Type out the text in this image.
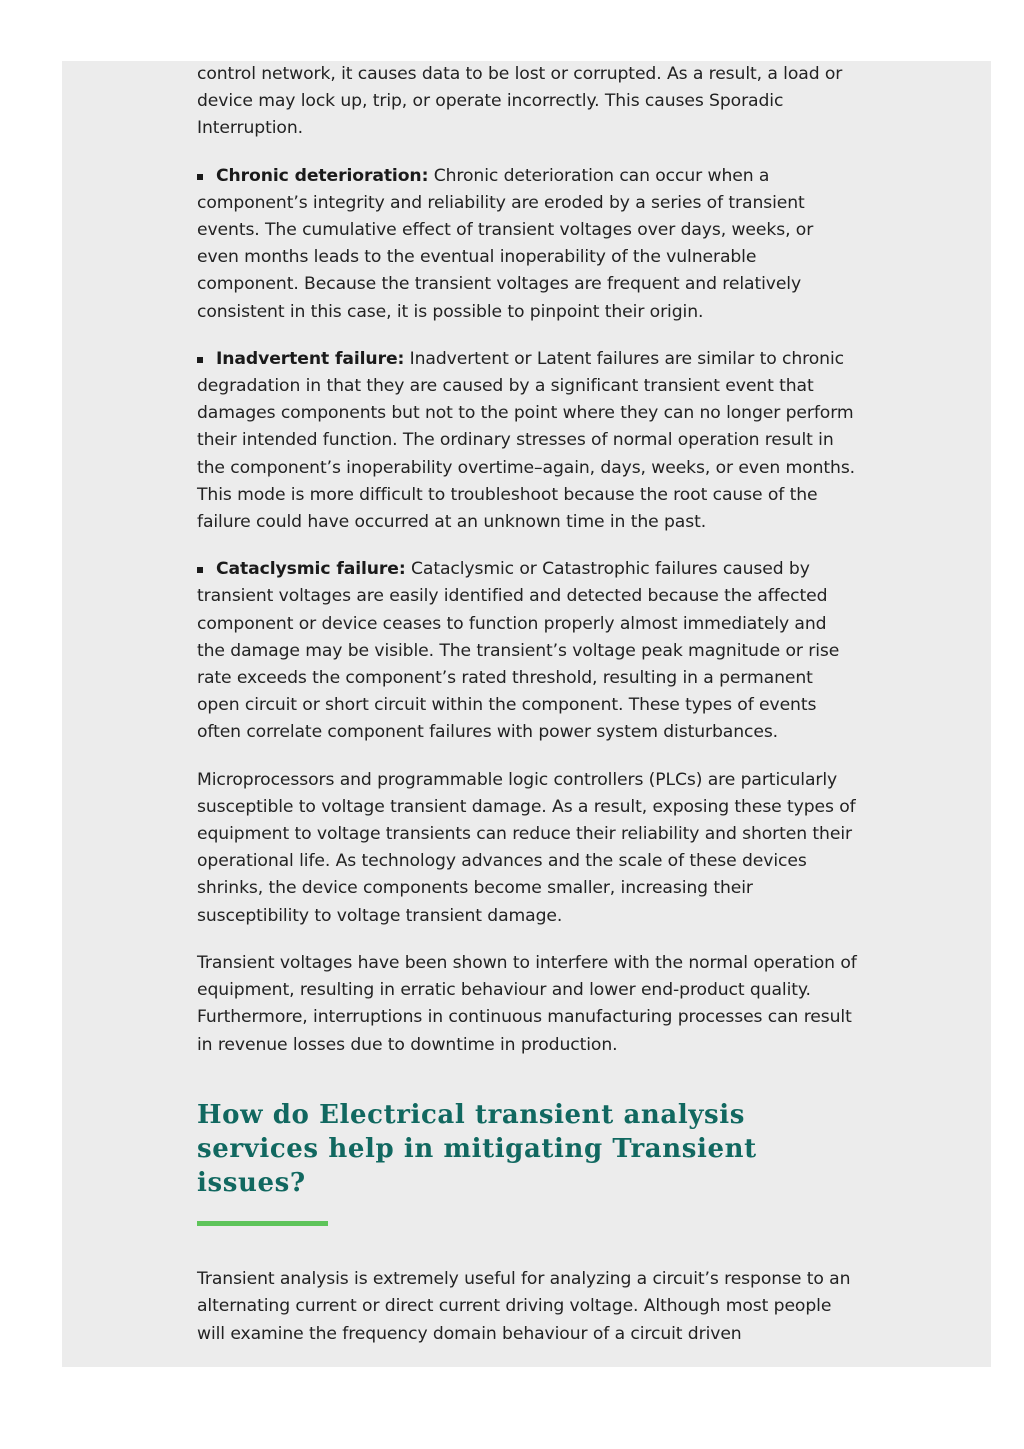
control network, it causes data to be lost or corrupted. As a result, a load or device may lock up, trip, or operate incorrectly. This causes Sporadic Interruption.

Chronic deterioration: Chronic deterioration can occur when a component’s integrity and reliability are eroded by a series of transient events. The cumulative effect of transient voltages over days, weeks, or even months leads to the eventual inoperability of the vulnerable component. Because the transient voltages are frequent and relatively consistent in this case, it is possible to pinpoint their origin.

Inadvertent failure: Inadvertent or Latent failures are similar to chronic degradation in that they are caused by a significant transient event that damages components but not to the point where they can no longer perform their intended function. The ordinary stresses of normal operation result in the component’s inoperability overtime–again, days, weeks, or even months. This mode is more difficult to troubleshoot because the root cause of the failure could have occurred at an unknown time in the past.

Cataclysmic failure: Cataclysmic or Catastrophic failures caused by transient voltages are easily identified and detected because the affected component or device ceases to function properly almost immediately and the damage may be visible. The transient’s voltage peak magnitude or rise rate exceeds the component’s rated threshold, resulting in a permanent open circuit or short circuit within the component. These types of events often correlate component failures with power system disturbances.

Microprocessors and programmable logic controllers (PLCs) are particularly susceptible to voltage transient damage. As a result, exposing these types of equipment to voltage transients can reduce their reliability and shorten their operational life. As technology advances and the scale of these devices shrinks, the device components become smaller, increasing their susceptibility to voltage transient damage.

Transient voltages have been shown to interfere with the normal operation of equipment, resulting in erratic behaviour and lower end-product quality. Furthermore, interruptions in continuous manufacturing processes can result in revenue losses due to downtime in production.

How do Electrical transient analysis services help in mitigating Transient issues?

Transient analysis is extremely useful for analyzing a circuit’s response to an alternating current or direct current driving voltage. Although most people will examine the frequency domain behaviour of a circuit driven
